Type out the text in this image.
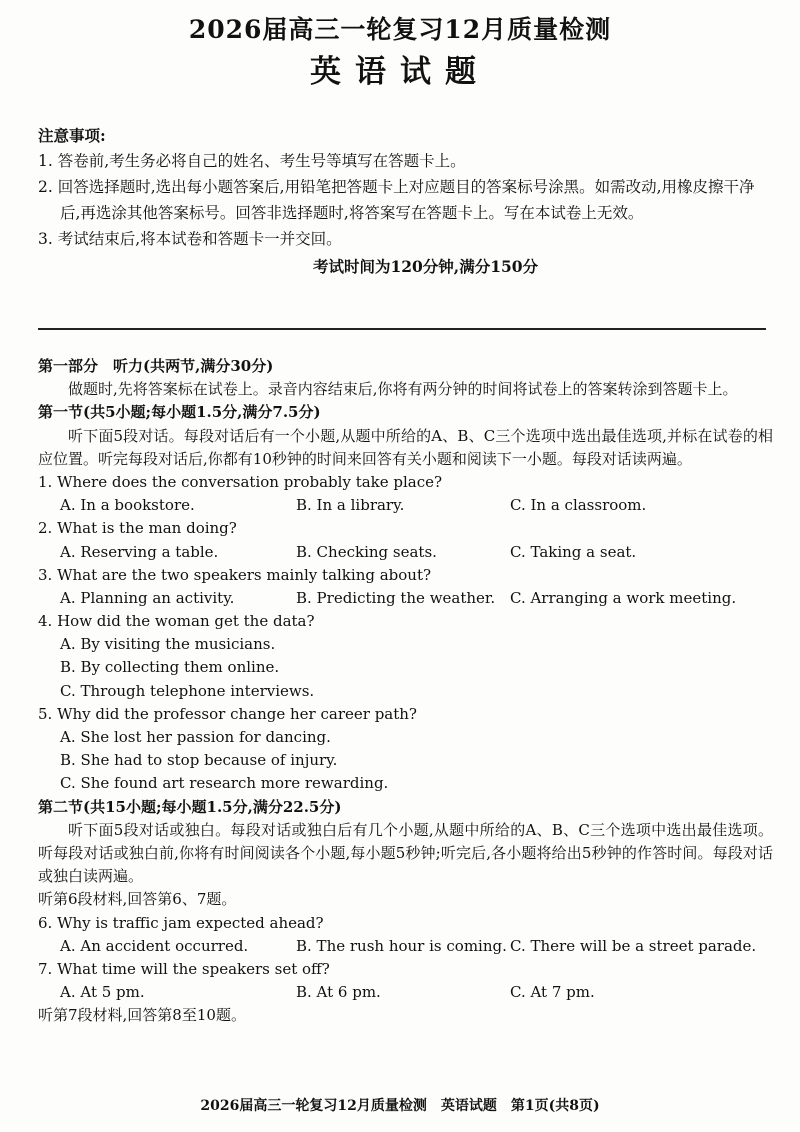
2026届高三一轮复习12月质量检测
英语试题
注意事项:
1. 答卷前,考生务必将自己的姓名、考生号等填写在答题卡上。
2. 回答选择题时,选出每小题答案后,用铅笔把答题卡上对应题目的答案标号涂黑。如需改动,用橡皮擦干净后,再选涂其他答案标号。回答非选择题时,将答案写在答题卡上。写在本试卷上无效。
3. 考试结束后,将本试卷和答题卡一并交回。
考试时间为120分钟,满分150分
第一部分　听力(共两节,满分30分)
做题时,先将答案标在试卷上。录音内容结束后,你将有两分钟的时间将试卷上的答案转涂到答题卡上。
第一节(共5小题;每小题1.5分,满分7.5分)
听下面5段对话。每段对话后有一个小题,从题中所给的A、B、C三个选项中选出最佳选项,并标在试卷的相应位置。听完每段对话后,你都有10秒钟的时间来回答有关小题和阅读下一小题。每段对话读两遍。
1. Where does the conversation probably take place?
A. In a bookstore.	B. In a library.	C. In a classroom.
2. What is the man doing?
A. Reserving a table.	B. Checking seats.	C. Taking a seat.
3. What are the two speakers mainly talking about?
A. Planning an activity.	B. Predicting the weather. C. Arranging a work meeting.
4. How did the woman get the data?
A. By visiting the musicians.
B. By collecting them online.
C. Through telephone interviews.
5. Why did the professor change her career path?
A. She lost her passion for dancing.
B. She had to stop because of injury.
C. She found art research more rewarding.
第二节(共15小题;每小题1.5分,满分22.5分)
听下面5段对话或独白。每段对话或独白后有几个小题,从题中所给的A、B、C三个选项中选出最佳选项。听每段对话或独白前,你将有时间阅读各个小题,每小题5秒钟;听完后,各小题将给出5秒钟的作答时间。每段对话或独白读两遍。
听第6段材料,回答第6、7题。
6. Why is traffic jam expected ahead?
A. An accident occurred.	B. The rush hour is coming. C. There will be a street parade.
7. What time will the speakers set off?
A. At 5 pm.	B. At 6 pm.	C. At 7 pm.
听第7段材料,回答第8至10题。
2026届高三一轮复习12月质量检测　英语试题　第1页(共8页)
